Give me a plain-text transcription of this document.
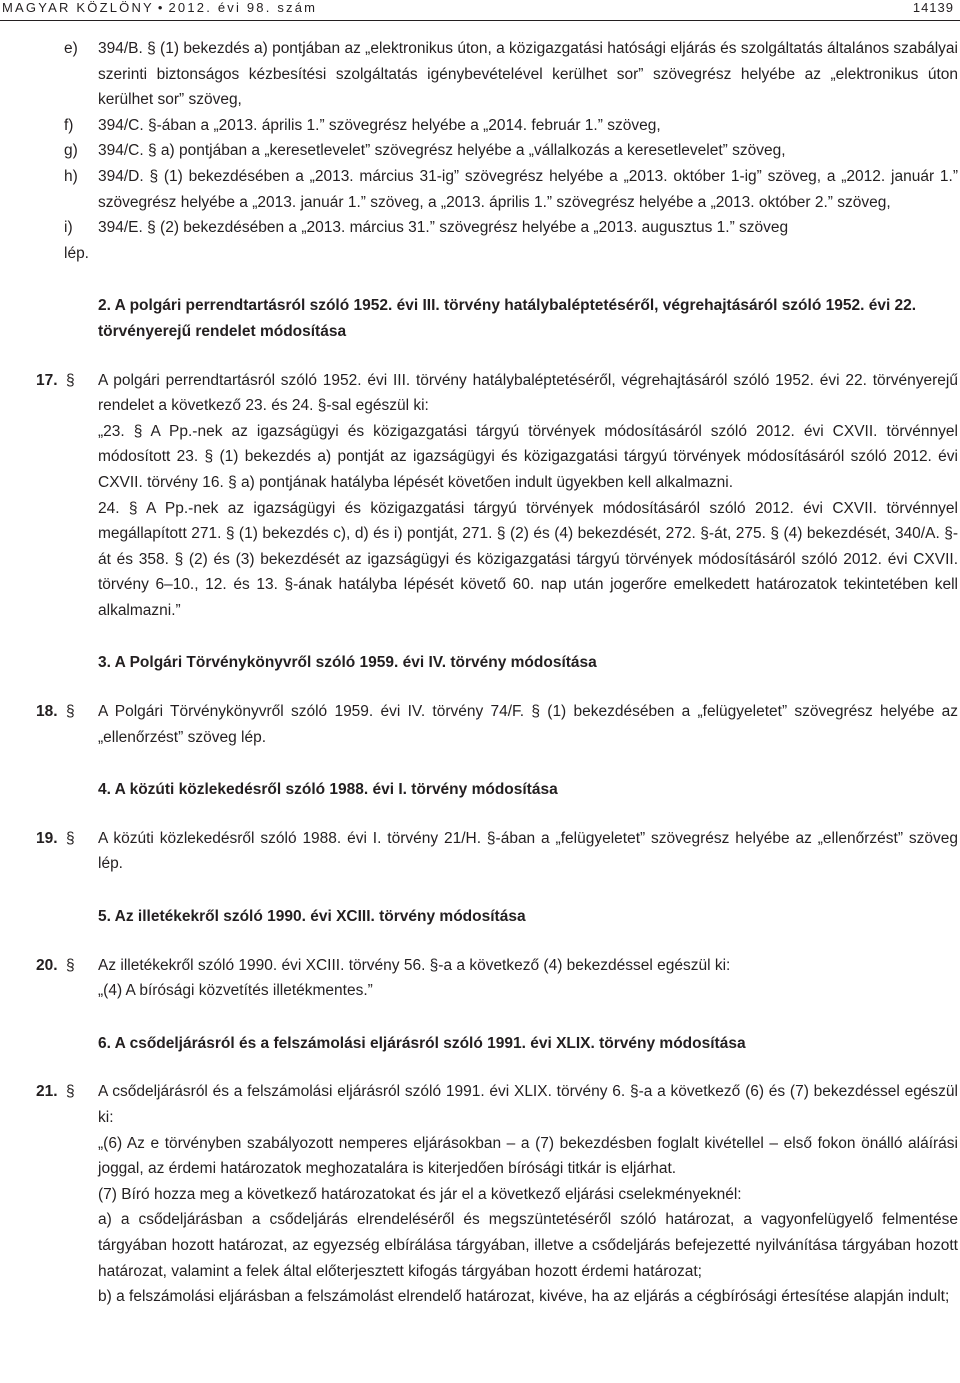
MAGYAR KÖZLÖNY • 2012. évi 98. szám	14139

e) 394/B. § (1) bekezdés a) pontjában az „elektronikus úton, a közigazgatási hatósági eljárás és szolgáltatás általános szabályai szerinti biztonságos kézbesítési szolgáltatás igénybevételével kerülhet sor” szövegrész helyébe az „elektronikus úton kerülhet sor” szöveg,

f) 394/C. §-ában a „2013. április 1.” szövegrész helyébe a „2014. február 1.” szöveg,

g) 394/C. § a) pontjában a „keresetlevelet” szövegrész helyébe a „vállalkozás a keresetlevelet” szöveg,

h) 394/D. § (1) bekezdésében a „2013. március 31-ig” szövegrész helyébe a „2013. október 1-ig” szöveg, a „2012. január 1.” szövegrész helyébe a „2013. január 1.” szöveg, a „2013. április 1.” szövegrész helyébe a „2013. október 2.” szöveg,

i) 394/E. § (2) bekezdésében a „2013. március 31.” szövegrész helyébe a „2013. augusztus 1.” szöveg

lép.

2. A polgári perrendtartásról szóló 1952. évi III. törvény hatálybaléptetéséről, végrehajtásáról szóló 1952. évi 22. törvényerejű rendelet módosítása

17. § A polgári perrendtartásról szóló 1952. évi III. törvény hatálybaléptetéséről, végrehajtásáról szóló 1952. évi 22. törvényerejű rendelet a következő 23. és 24. §-sal egészül ki:

„23. § A Pp.-nek az igazságügyi és közigazgatási tárgyú törvények módosításáról szóló 2012. évi CXVII. törvénnyel módosított 23. § (1) bekezdés a) pontját az igazságügyi és közigazgatási tárgyú törvények módosításáról szóló 2012. évi CXVII. törvény 16. § a) pontjának hatályba lépését követően indult ügyekben kell alkalmazni.

24. § A Pp.-nek az igazságügyi és közigazgatási tárgyú törvények módosításáról szóló 2012. évi CXVII. törvénnyel megállapított 271. § (1) bekezdés c), d) és i) pontját, 271. § (2) és (4) bekezdését, 272. §-át, 275. § (4) bekezdését, 340/A. §-át és 358. § (2) és (3) bekezdését az igazságügyi és közigazgatási tárgyú törvények módosításáról szóló 2012. évi CXVII. törvény 6–10., 12. és 13. §-ának hatályba lépését követő 60. nap után jogerőre emelkedett határozatok tekintetében kell alkalmazni.”

3. A Polgári Törvénykönyvről szóló 1959. évi IV. törvény módosítása

18. § A Polgári Törvénykönyvről szóló 1959. évi IV. törvény 74/F. § (1) bekezdésében a „felügyeletet” szövegrész helyébe az „ellenőrzést” szöveg lép.

4. A közúti közlekedésről szóló 1988. évi I. törvény módosítása

19. § A közúti közlekedésről szóló 1988. évi I. törvény 21/H. §-ában a „felügyeletet” szövegrész helyébe az „ellenőrzést” szöveg lép.

5. Az illetékekről szóló 1990. évi XCIII. törvény módosítása

20. § Az illetékekről szóló 1990. évi XCIII. törvény 56. §-a a következő (4) bekezdéssel egészül ki:

„(4) A bírósági közvetítés illetékmentes.”

6. A csődeljárásról és a felszámolási eljárásról szóló 1991. évi XLIX. törvény módosítása

21. § A csődeljárásról és a felszámolási eljárásról szóló 1991. évi XLIX. törvény 6. §-a a következő (6) és (7) bekezdéssel egészül ki:

„(6) Az e törvényben szabályozott nemperes eljárásokban – a (7) bekezdésben foglalt kivétellel – első fokon önálló aláírási joggal, az érdemi határozatok meghozatalára is kiterjedően bírósági titkár is eljárhat.

(7) Bíró hozza meg a következő határozatokat és jár el a következő eljárási cselekményeknél:

a) a csődeljárásban a csődeljárás elrendeléséről és megszüntetéséről szóló határozat, a vagyonfelügyelő felmentése tárgyában hozott határozat, az egyezség elbírálása tárgyában, illetve a csődeljárás befejezetté nyilvánítása tárgyában hozott határozat, valamint a felek által előterjesztett kifogás tárgyában hozott érdemi határozat;

b) a felszámolási eljárásban a felszámolást elrendelő határozat, kivéve, ha az eljárás a cégbírósági értesítése alapján indult;
